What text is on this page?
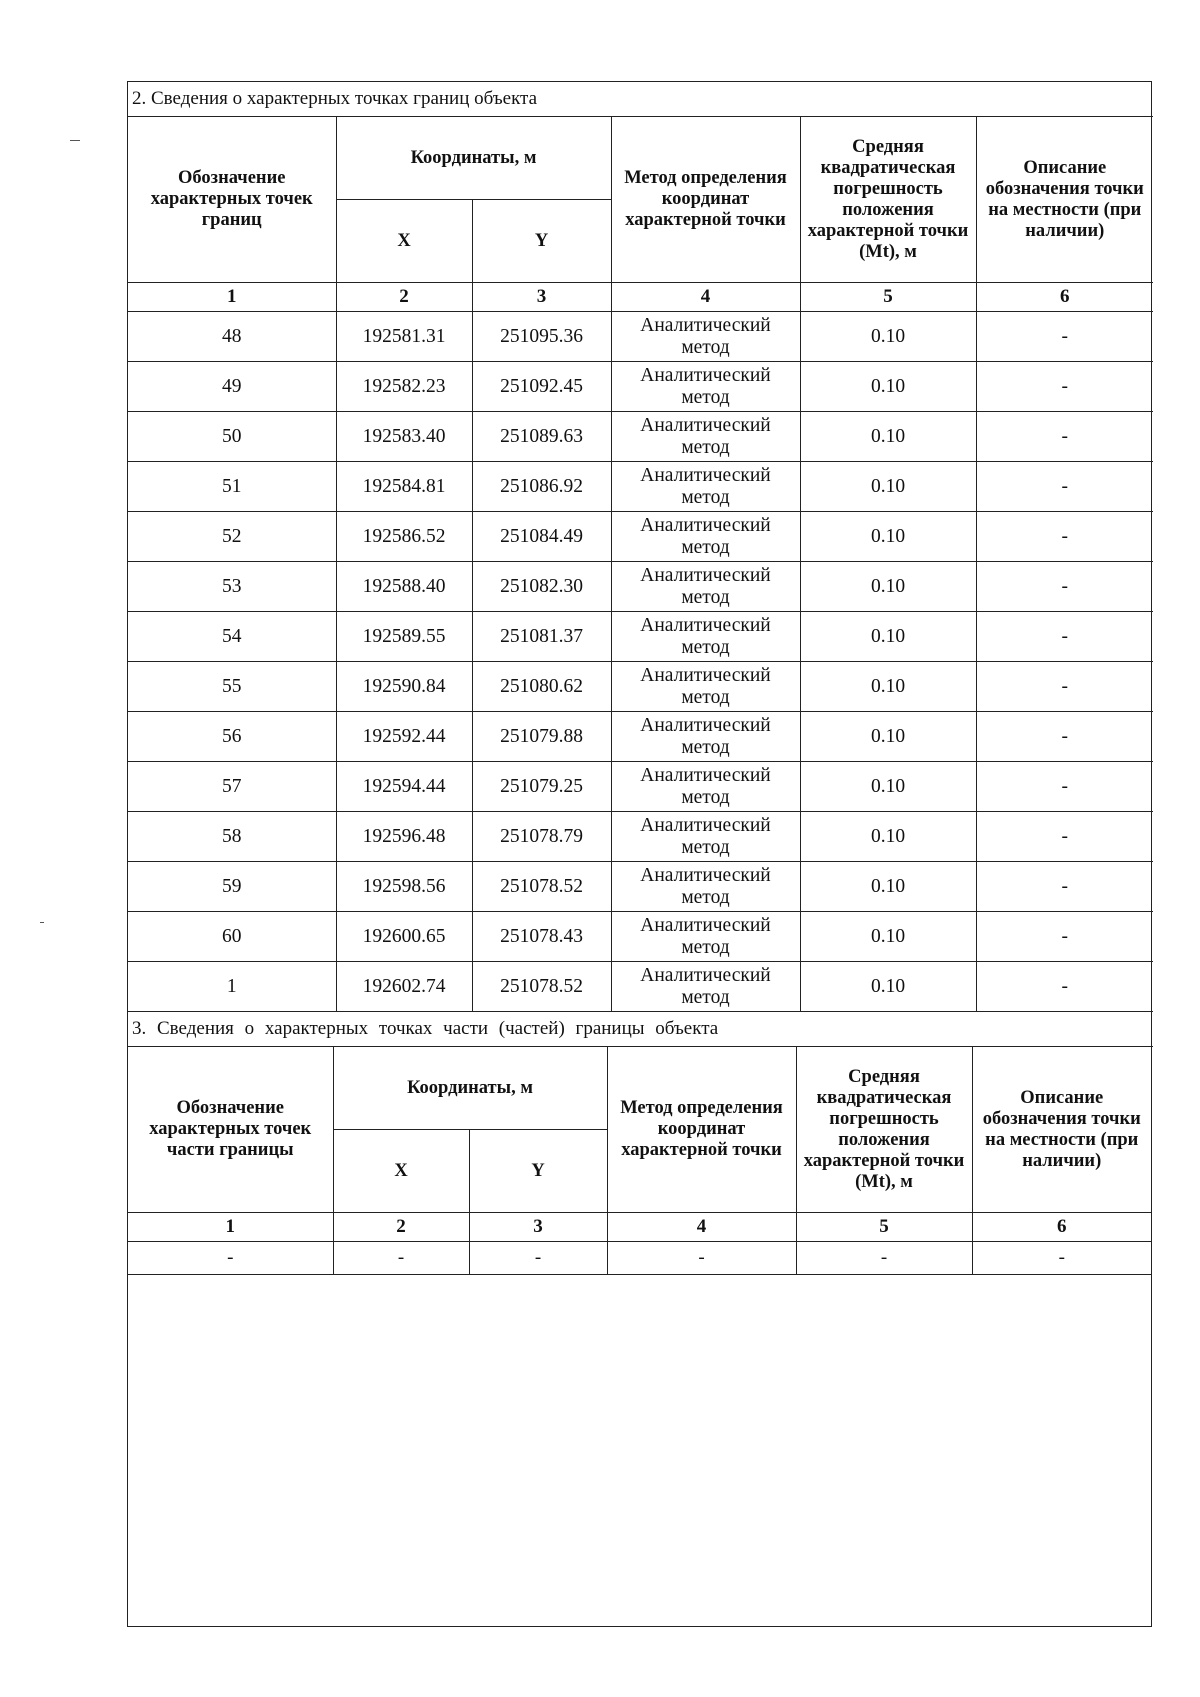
2. Сведения о характерных точках границ объекта					
Обозначение характерных точек границ	Координаты, м		Метод определения координат характерной точки	Средняя квадратическая погрешность положения характерной точки (Mt), м	Описание обозначения точки на местности (при наличии)
	X	Y			
1	2	3	4	5	6
48	192581.31	251095.36	Аналитический метод	0.10	-
49	192582.23	251092.45	Аналитический метод	0.10	-
50	192583.40	251089.63	Аналитический метод	0.10	-
51	192584.81	251086.92	Аналитический метод	0.10	-
52	192586.52	251084.49	Аналитический метод	0.10	-
53	192588.40	251082.30	Аналитический метод	0.10	-
54	192589.55	251081.37	Аналитический метод	0.10	-
55	192590.84	251080.62	Аналитический метод	0.10	-
56	192592.44	251079.88	Аналитический метод	0.10	-
57	192594.44	251079.25	Аналитический метод	0.10	-
58	192596.48	251078.79	Аналитический метод	0.10	-
59	192598.56	251078.52	Аналитический метод	0.10	-
60	192600.65	251078.43	Аналитический метод	0.10	-
1	192602.74	251078.52	Аналитический метод	0.10	-
3. Сведения о характерных точках части (частей) границы объекта					
Обозначение характерных точек части границы	Координаты, м		Метод определения координат характерной точки	Средняя квадратическая погрешность положения характерной точки (Mt), м	Описание обозначения точки на местности (при наличии)
	X	Y			
1	2	3	4	5	6
-	-	-	-	-	-
